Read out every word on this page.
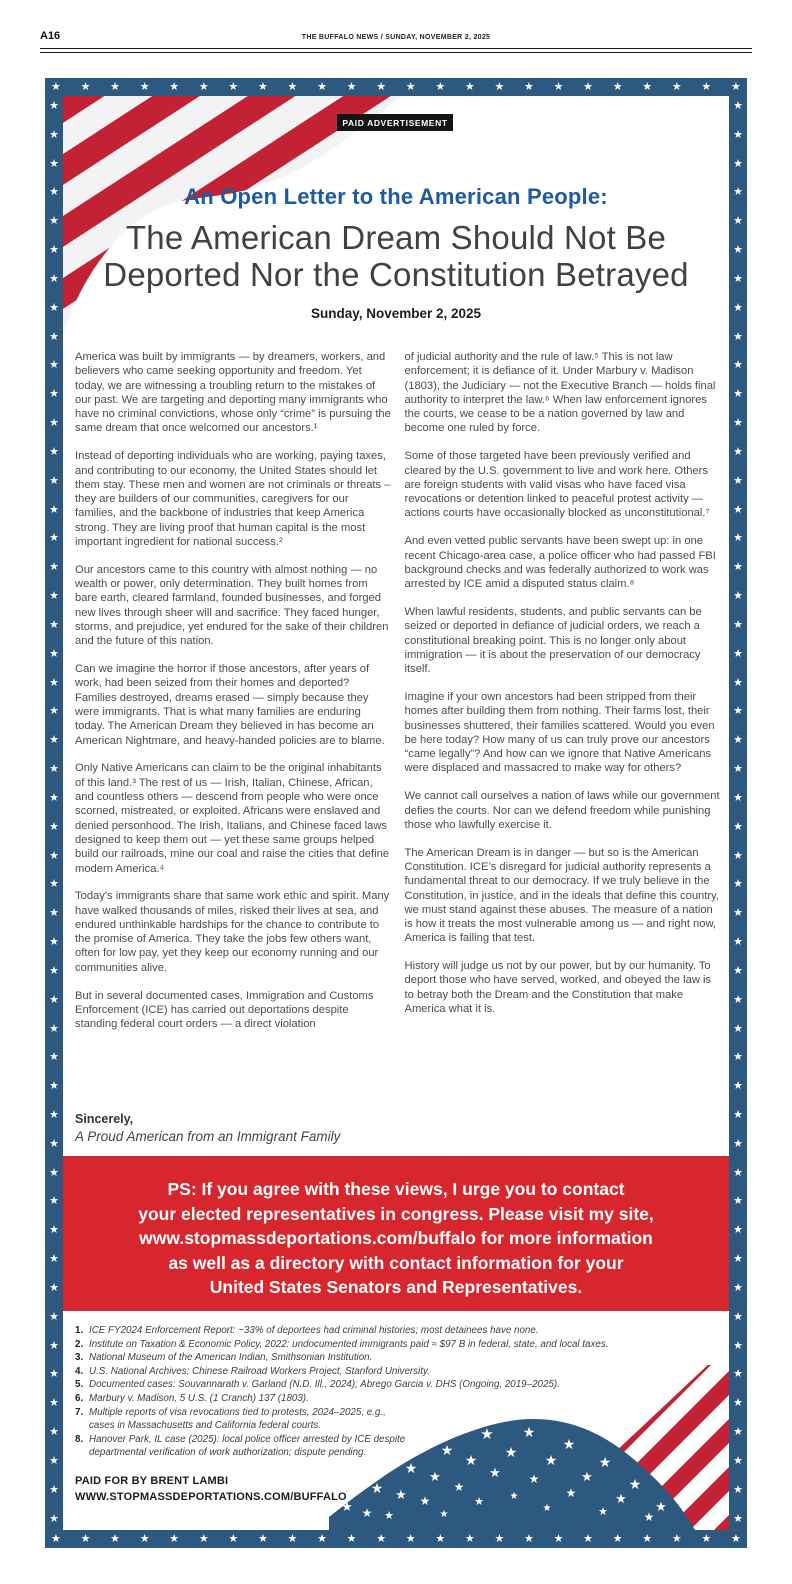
A16	THE BUFFALO NEWS / SUNDAY, NOVEMBER 2, 2025
★ ★ ★ ★ ★ ★ ★ ★ ★ ★ ★ ★ ★ ★ ★ ★ ★ ★ ★ ★ ★ ★ ★ ★
★ ★ ★ ★ ★ ★ ★ ★ ★ ★ ★ ★ ★ ★ ★ ★ ★ ★ ★ ★ ★ ★ ★ ★
★
★
★
★
★
★
★
★
★
★
★
★
★
★
★
★
★
★
★
★
★
★
★
★
★
★
★
★
★
★
★
★
★
★
★
★
★
★
★
★
★
★
★
★
★
★
★
★
★
★
★
★
★
★
★
★
★
★
★
★
★
★
★
★
★
★
★
★
★
★
★
★
★
★
★
★
★
★
★
★
★
★
★
★
★
★
★
★
★
★
★
★
★
★
★
★
★
★
★
★
PAID ADVERTISEMENT
An Open Letter to the American People:
The American Dream Should Not Be
Deported Nor the Constitution Betrayed
Sunday, November 2, 2025

America was built by immigrants — by dreamers, workers, and believers who came seeking opportunity and freedom. Yet today, we are witnessing a troubling return to the mistakes of our past. We are targeting and deporting many immigrants who have no criminal convictions, whose only “crime” is pursuing the same dream that once welcomed our ancestors.¹

Instead of deporting individuals who are working, paying taxes, and contributing to our economy, the United States should let them stay. These men and women are not criminals or threats – they are builders of our communities, caregivers for our families, and the backbone of industries that keep America strong. They are living proof that human capital is the most important ingredient for national success.²

Our ancestors came to this country with almost nothing — no wealth or power, only determination. They built homes from bare earth, cleared farmland, founded businesses, and forged new lives through sheer will and sacrifice. They faced hunger, storms, and prejudice, yet endured for the sake of their children and the future of this nation.

Can we imagine the horror if those ancestors, after years of work, had been seized from their homes and deported? Families destroyed, dreams erased — simply because they were immigrants. That is what many families are enduring today. The American Dream they believed in has become an American Nightmare, and heavy-handed policies are to blame.

Only Native Americans can claim to be the original inhabitants of this land.³ The rest of us — Irish, Italian, Chinese, African, and countless others — descend from people who were once scorned, mistreated, or exploited. Africans were enslaved and denied personhood. The Irish, Italians, and Chinese faced laws designed to keep them out — yet these same groups helped build our railroads, mine our coal and raise the cities that define modern America.⁴

Today's immigrants share that same work ethic and spirit. Many have walked thousands of miles, risked their lives at sea, and endured unthinkable hardships for the chance to contribute to the promise of America. They take the jobs few others want, often for low pay, yet they keep our economy running and our communities alive.

But in several documented cases, Immigration and Customs Enforcement (ICE) has carried out deportations despite standing federal court orders — a direct violation

of judicial authority and the rule of law.⁵ This is not law enforcement; it is defiance of it. Under Marbury v. Madison (1803), the Judiciary — not the Executive Branch — holds final authority to interpret the law.⁶ When law enforcement ignores the courts, we cease to be a nation governed by law and become one ruled by force.

Some of those targeted have been previously verified and cleared by the U.S. government to live and work here. Others are foreign students with valid visas who have faced visa revocations or detention linked to peaceful protest activity — actions courts have occasionally blocked as unconstitutional.⁷

And even vetted public servants have been swept up: in one recent Chicago-area case, a police officer who had passed FBI background checks and was federally authorized to work was arrested by ICE amid a disputed status claim.⁸

When lawful residents, students, and public servants can be seized or deported in defiance of judicial orders, we reach a constitutional breaking point. This is no longer only about immigration — it is about the preservation of our democracy itself.

Imagine if your own ancestors had been stripped from their homes after building them from nothing. Their farms lost, their businesses shuttered, their families scattered. Would you even be here today? How many of us can truly prove our ancestors “came legally”? And how can we ignore that Native Americans were displaced and massacred to make way for others?

We cannot call ourselves a nation of laws while our government defies the courts. Nor can we defend freedom while punishing those who lawfully exercise it.

The American Dream is in danger — but so is the American Constitution. ICE’s disregard for judicial authority represents a fundamental threat to our democracy. If we truly believe in the Constitution, in justice, and in the ideals that define this country, we must stand against these abuses. The measure of a nation is how it treats the most vulnerable among us — and right now, America is failing that test.

History will judge us not by our power, but by our humanity. To deport those who have served, worked, and obeyed the law is to betray both the Dream and the Constitution that make America what it is.

Sincerely,
A Proud American from an Immigrant Family
PS: If you agree with these views, I urge you to contact
your elected representatives in congress. Please visit my site,
www.stopmassdeportations.com/buffalo for more information
as well as a directory with contact information for your
United States Senators and Representatives.
1. ICE FY2024 Enforcement Report: ~33% of deportees had criminal histories; most detainees have none.
2. Institute on Taxation & Economic Policy, 2022: undocumented immigrants paid ≈ $97 B in federal, state, and local taxes.
3. National Museum of the American Indian, Smithsonian Institution.
4. U.S. National Archives; Chinese Railroad Workers Project, Stanford University.
5. Documented cases: Souvannarath v. Garland (N.D. Ill., 2024); Abrego Garcia v. DHS (Ongoing, 2019–2025).
6. Marbury v. Madison, 5 U.S. (1 Cranch) 137 (1803).
7. Multiple reports of visa revocations tied to protests, 2024–2025; e.g.,
cases in Massachusetts and California federal courts.
8. Hanover Park, IL case (2025): local police officer arrested by ICE despite
departmental verification of work authorization; dispute pending.
PAID FOR BY BRENT LAMBI
WWW.STOPMASSDEPORTATIONS.COM/BUFFALO
★
★
★
★
★ ★
★
★
★
★
★
★
★
★ ★ ★
★
★
★
★
★
★
★ ★
★
★
★	★
★
★
